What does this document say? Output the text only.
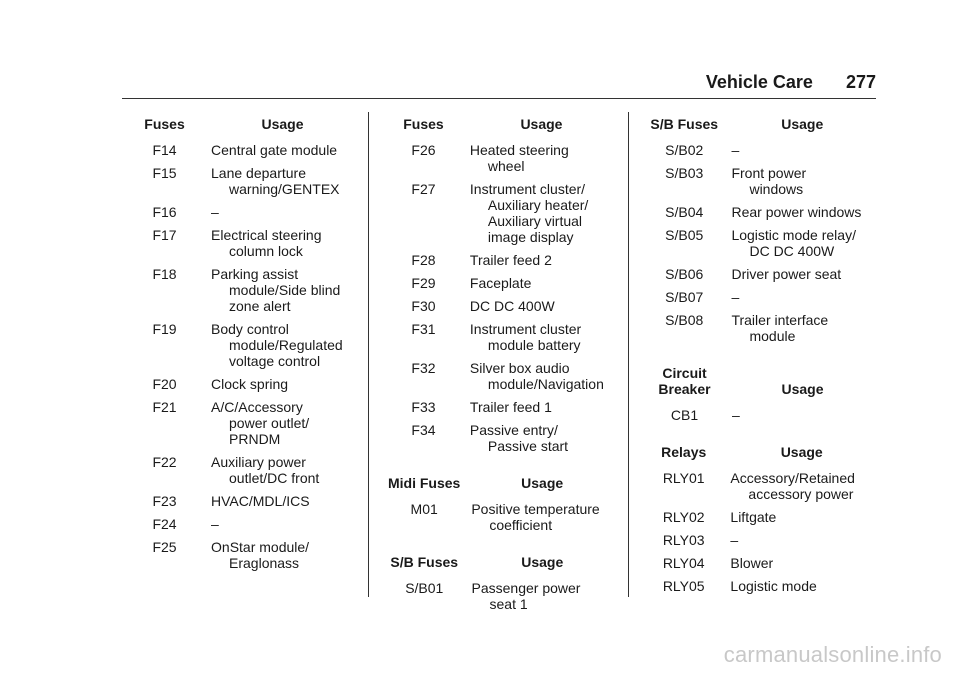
Vehicle Care 277
Fuses	Usage
F14	Central gate module

F15	Lane departure
warning/GENTEX

F16	–

F17	Electrical steering
column lock

F18	Parking assist
module/Side blind
zone alert

F19	Body control
module/Regulated
voltage control

F20	Clock spring

F21	A/C/Accessory
power outlet/
PRNDM

F22	Auxiliary power
outlet/DC front

F23	HVAC/MDL/ICS

F24	–

F25	OnStar module/
Eraglonass
Fuses	Usage
F26	Heated steering
wheel

F27	Instrument cluster/
Auxiliary heater/
Auxiliary virtual
image display

F28	Trailer feed 2

F29	Faceplate

F30	DC DC 400W

F31	Instrument cluster
module battery

F32	Silver box audio
module/Navigation

F33	Trailer feed 1

F34	Passive entry/
Passive start
Midi Fuses	Usage
M01	Positive temperature
coefficient
S/B Fuses	Usage
S/B01	Passenger power
seat 1
S/B Fuses	Usage
S/B02	–

S/B03	Front power
windows

S/B04	Rear power windows

S/B05	Logistic mode relay/
DC DC 400W

S/B06	Driver power seat

S/B07	–

S/B08	Trailer interface
module
Circuit
Breaker	Usage
CB1	–
Relays	Usage
RLY01	Accessory/Retained
accessory power

RLY02	Liftgate

RLY03	–

RLY04	Blower

RLY05	Logistic mode
carmanualsonline.info
